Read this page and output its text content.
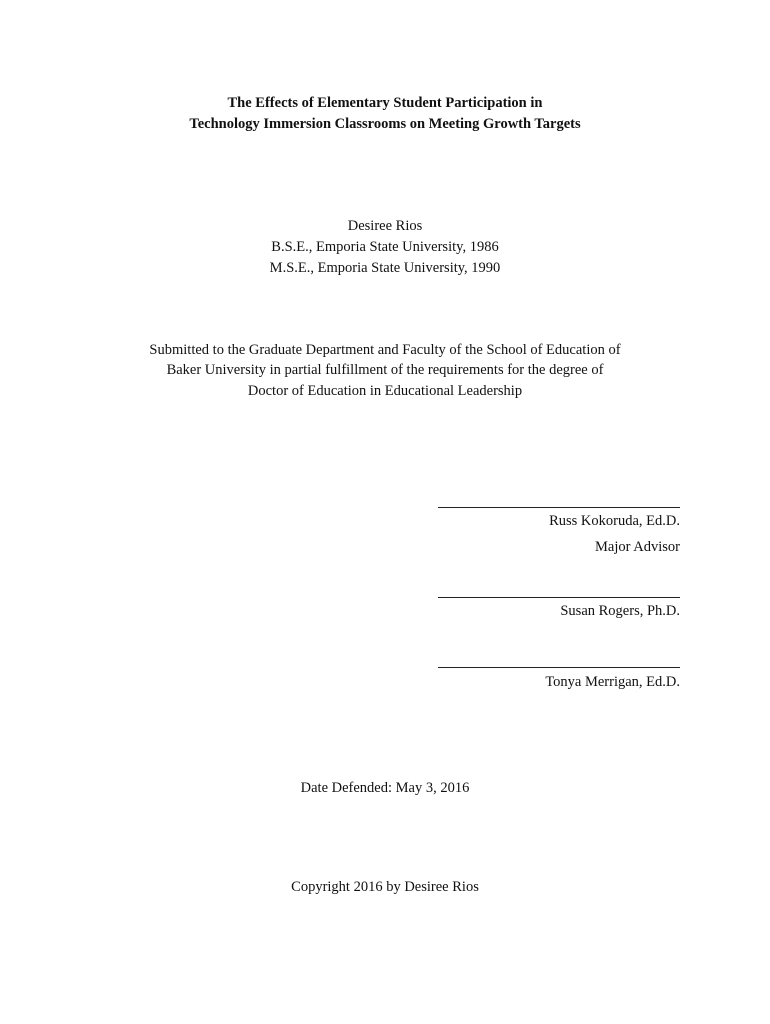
The Effects of Elementary Student Participation in
Technology Immersion Classrooms on Meeting Growth Targets
Desiree Rios
B.S.E., Emporia State University, 1986
M.S.E., Emporia State University, 1990
Submitted to the Graduate Department and Faculty of the School of Education of
Baker University in partial fulfillment of the requirements for the degree of
Doctor of Education in Educational Leadership
Russ Kokoruda, Ed.D.
Major Advisor
Susan Rogers, Ph.D.
Tonya Merrigan, Ed.D.
Date Defended: May 3, 2016
Copyright 2016 by Desiree Rios
